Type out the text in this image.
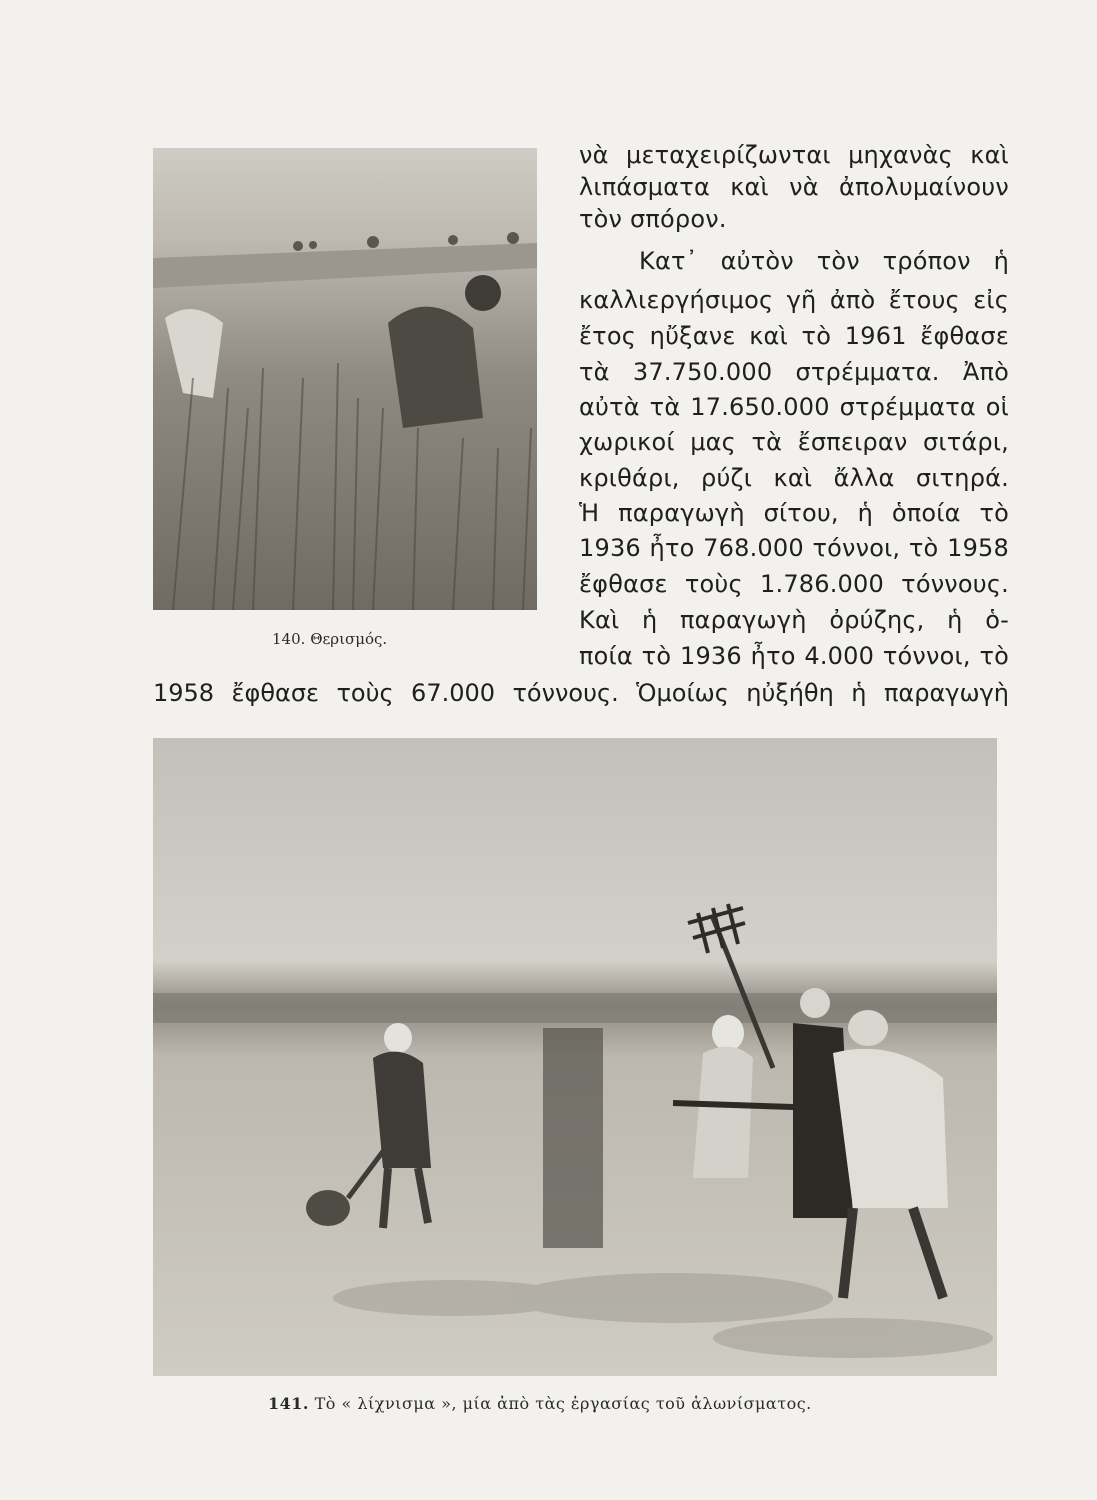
140. Θερισμός.
νὰ μεταχειρίζωνται μηχανὰς καὶ
λιπάσματα καὶ νὰ ἀπολυμαίνουν
τὸν σπόρον.
Κατ᾽ αὐτὸν τὸν τρόπον ἡ
καλλιεργήσιμος γῆ ἀπὸ ἔτους εἰς
ἔτος ηὔξανε καὶ τὸ 1961 ἔφθασε
τὰ 37.750.000 στρέμματα. Ἀπὸ
αὐτὰ τὰ 17.650.000 στρέμματα οἱ
χωρικοί μας τὰ ἔσπειραν σιτάρι,
κριθάρι, ρύζι καὶ ἄλλα σιτηρά.
Ἡ παραγωγὴ σίτου, ἡ ὁποία τὸ
1936 ἦτο 768.000 τόννοι, τὸ 1958
ἔφθασε τοὺς 1.786.000 τόννους.
Καὶ ἡ παραγωγὴ ὀρύζης, ἡ ὁ-
ποία τὸ 1936 ἦτο 4.000 τόννοι, τὸ
1958 ἔφθασε τοὺς 67.000 τόννους. Ὁμοίως ηὐξήθη ἡ παραγωγὴ
141. Τὸ « λίχνισμα », μία ἀπὸ τὰς ἐργασίας τοῦ ἁλωνίσματος.
